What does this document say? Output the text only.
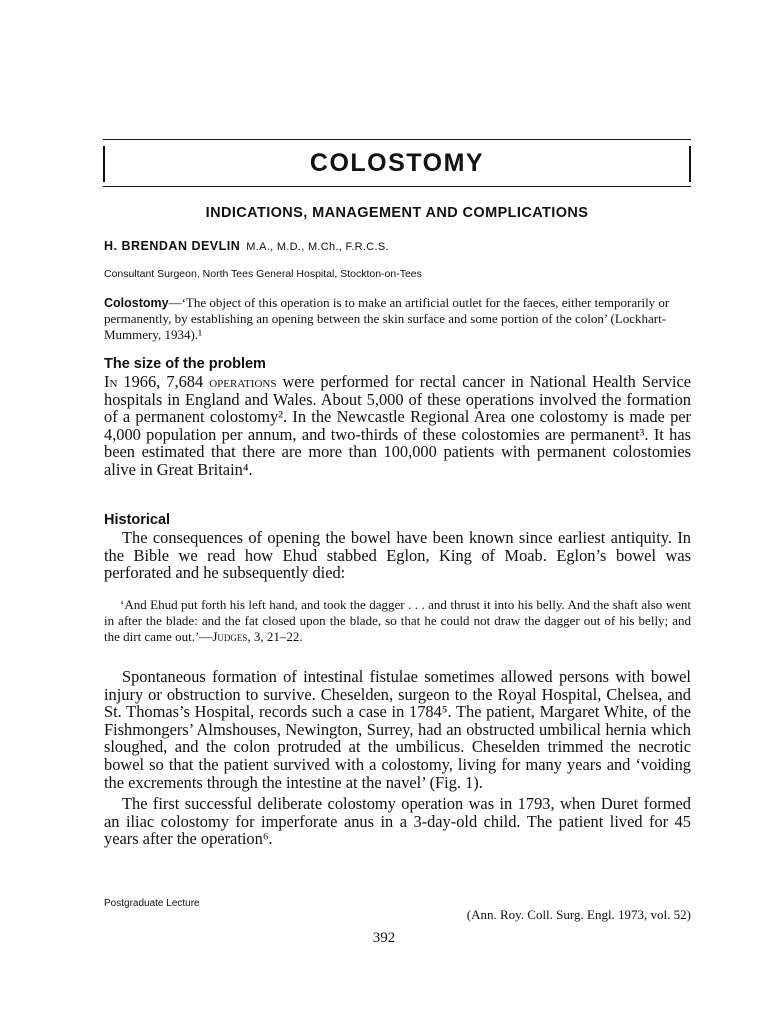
COLOSTOMY
INDICATIONS, MANAGEMENT AND COMPLICATIONS
H. BRENDAN DEVLIN M.A., M.D., M.Ch., F.R.C.S.
Consultant Surgeon, North Tees General Hospital, Stockton-on-Tees
Colostomy—‘The object of this operation is to make an artificial outlet for the faeces, either temporarily or permanently, by establishing an opening between the skin surface and some portion of the colon’ (Lockhart-Mummery, 1934).¹
The size of the problem

In 1966, 7,684 operations were performed for rectal cancer in National Health Service hospitals in England and Wales. About 5,000 of these operations involved the formation of a permanent colostomy². In the Newcastle Regional Area one colostomy is made per 4,000 population per annum, and two-thirds of these colostomies are permanent³. It has been estimated that there are more than 100,000 patients with permanent colostomies alive in Great Britain⁴.

Historical

The consequences of opening the bowel have been known since earliest antiquity. In the Bible we read how Ehud stabbed Eglon, King of Moab. Eglon’s bowel was perforated and he subsequently died:

‘And Ehud put forth his left hand, and took the dagger . . . and thrust it into his belly. And the shaft also went in after the blade: and the fat closed upon the blade, so that he could not draw the dagger out of his belly; and the dirt came out.’—Judges, 3, 21–22.

Spontaneous formation of intestinal fistulae sometimes allowed persons with bowel injury or obstruction to survive. Cheselden, surgeon to the Royal Hospital, Chelsea, and St. Thomas’s Hospital, records such a case in 1784⁵. The patient, Margaret White, of the Fishmongers’ Almshouses, Newington, Surrey, had an obstructed umbilical hernia which sloughed, and the colon protruded at the umbilicus. Cheselden trimmed the necrotic bowel so that the patient survived with a colostomy, living for many years and ‘voiding the excrements through the intestine at the navel’ (Fig. 1).

The first successful deliberate colostomy operation was in 1793, when Duret formed an iliac colostomy for imperforate anus in a 3-day-old child. The patient lived for 45 years after the operation⁶.

Postgraduate Lecture
(Ann. Roy. Coll. Surg. Engl. 1973, vol. 52)
392
